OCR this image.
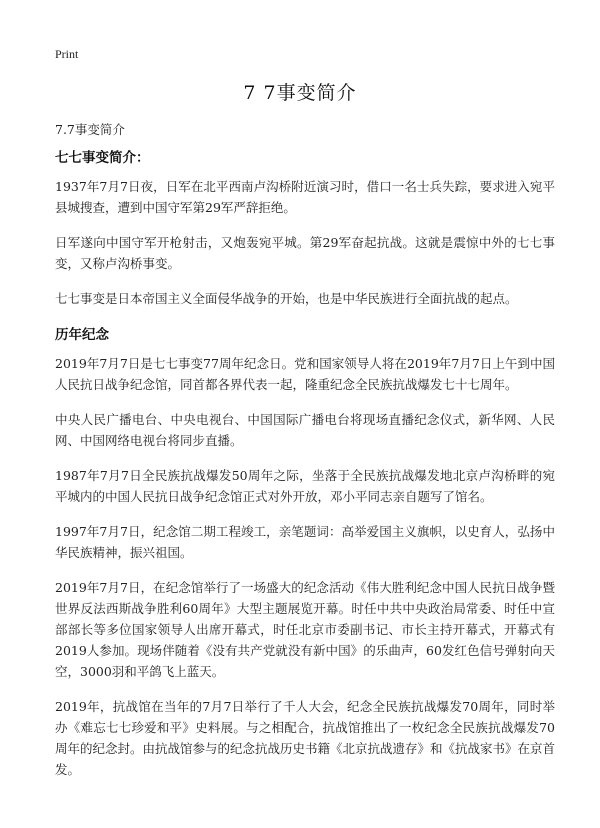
Print
7 7事变简介
7.7事变简介
七七事变简介：

1937年7月7日夜，日军在北平西南卢沟桥附近演习时，借口一名士兵失踪，要求进入宛平县城搜查，遭到中国守军第29军严辞拒绝。

日军遂向中国守军开枪射击，又炮轰宛平城。第29军奋起抗战。这就是震惊中外的七七事变，又称卢沟桥事变。

七七事变是日本帝国主义全面侵华战争的开始，也是中华民族进行全面抗战的起点。

历年纪念

2019年7月7日是七七事变77周年纪念日。党和国家领导人将在2019年7月7日上午到中国人民抗日战争纪念馆，同首都各界代表一起，隆重纪念全民族抗战爆发七十七周年。

中央人民广播电台、中央电视台、中国国际广播电台将现场直播纪念仪式，新华网、人民网、中国网络电视台将同步直播。

1987年7月7日全民族抗战爆发50周年之际，坐落于全民族抗战爆发地北京卢沟桥畔的宛平城内的中国人民抗日战争纪念馆正式对外开放，邓小平同志亲自题写了馆名。

1997年7月7日，纪念馆二期工程竣工，亲笔题词：高举爱国主义旗帜，以史育人，弘扬中华民族精神，振兴祖国。

2019年7月7日，在纪念馆举行了一场盛大的纪念活动《伟大胜利纪念中国人民抗日战争暨世界反法西斯战争胜利60周年》大型主题展览开幕。时任中共中央政治局常委、时任中宣部部长等多位国家领导人出席开幕式，时任北京市委副书记、市长主持开幕式，开幕式有2019人参加。现场伴随着《没有共产党就没有新中国》的乐曲声，60发红色信号弹射向天空，3000羽和平鸽飞上蓝天。

2019年，抗战馆在当年的7月7日举行了千人大会，纪念全民族抗战爆发70周年，同时举办《难忘七七珍爱和平》史料展。与之相配合，抗战馆推出了一枚纪念全民族抗战爆发70周年的纪念封。由抗战馆参与的纪念抗战历史书籍《北京抗战遗存》和《抗战家书》在京首发。
